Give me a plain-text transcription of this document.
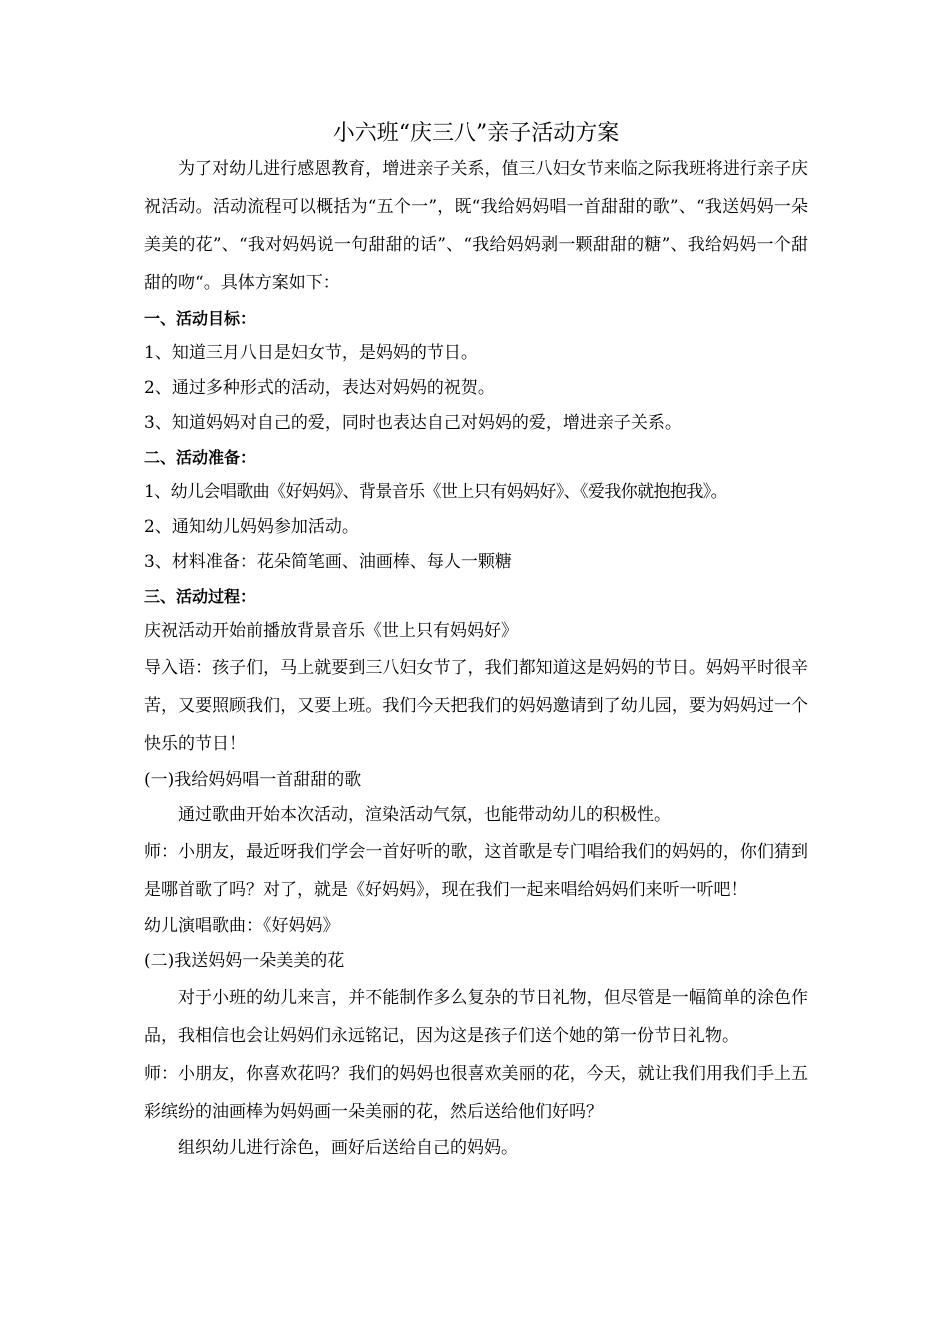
小六班“庆三八”亲子活动方案

为了对幼儿进行感恩教育，增进亲子关系，值三八妇女节来临之际我班将进行亲子庆祝活动。活动流程可以概括为“五个一”，既“我给妈妈唱一首甜甜的歌”、“我送妈妈一朵美美的花”、“我对妈妈说一句甜甜的话”、“我给妈妈剥一颗甜甜的糖”、我给妈妈一个甜甜的吻“。具体方案如下：

一、活动目标：

1、知道三月八日是妇女节，是妈妈的节日。

2、通过多种形式的活动，表达对妈妈的祝贺。

3、知道妈妈对自己的爱，同时也表达自己对妈妈的爱，增进亲子关系。

二、活动准备：

1、幼儿会唱歌曲《好妈妈》、背景音乐《世上只有妈妈好》、《爱我你就抱抱我》。

2、通知幼儿妈妈参加活动。

3、材料准备：花朵简笔画、油画棒、每人一颗糖

三、活动过程：

庆祝活动开始前播放背景音乐《世上只有妈妈好》

导入语：孩子们，马上就要到三八妇女节了，我们都知道这是妈妈的节日。妈妈平时很辛苦，又要照顾我们，又要上班。我们今天把我们的妈妈邀请到了幼儿园，要为妈妈过一个快乐的节日！

(一)我给妈妈唱一首甜甜的歌

通过歌曲开始本次活动，渲染活动气氛，也能带动幼儿的积极性。

师：小朋友，最近呀我们学会一首好听的歌，这首歌是专门唱给我们的妈妈的，你们猜到是哪首歌了吗？对了，就是《好妈妈》，现在我们一起来唱给妈妈们来听一听吧！

幼儿演唱歌曲：《好妈妈》

(二)我送妈妈一朵美美的花

对于小班的幼儿来言，并不能制作多么复杂的节日礼物，但尽管是一幅简单的涂色作品，我相信也会让妈妈们永远铭记，因为这是孩子们送个她的第一份节日礼物。

师：小朋友，你喜欢花吗？我们的妈妈也很喜欢美丽的花，今天，就让我们用我们手上五彩缤纷的油画棒为妈妈画一朵美丽的花，然后送给他们好吗？

组织幼儿进行涂色，画好后送给自己的妈妈。
